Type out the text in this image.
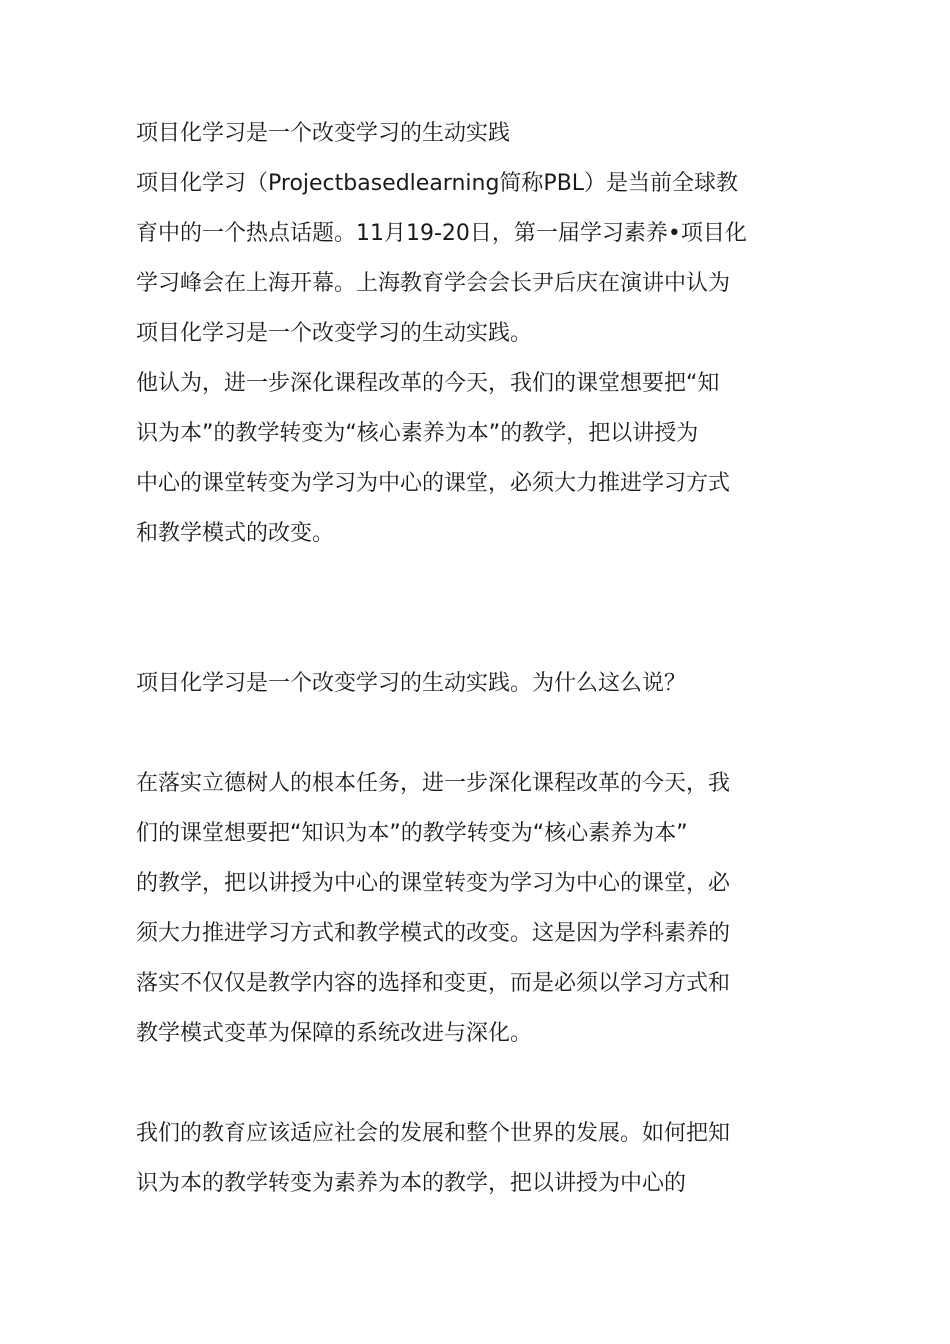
项目化学习是一个改变学习的生动实践

项目化学习（Projectbasedlearning简称PBL）是当前全球教
育中的一个热点话题。11月19-20日，第一届学习素养•项目化
学习峰会在上海开幕。上海教育学会会长尹后庆在演讲中认为
项目化学习是一个改变学习的生动实践。

他认为，进一步深化课程改革的今天，我们的课堂想要把“知
识为本”的教学转变为“核心素养为本”的教学，把以讲授为
中心的课堂转变为学习为中心的课堂，必须大力推进学习方式
和教学模式的改变。

项目化学习是一个改变学习的生动实践。为什么这么说？

在落实立德树人的根本任务，进一步深化课程改革的今天，我
们的课堂想要把“知识为本”的教学转变为“核心素养为本”
的教学，把以讲授为中心的课堂转变为学习为中心的课堂，必
须大力推进学习方式和教学模式的改变。这是因为学科素养的
落实不仅仅是教学内容的选择和变更，而是必须以学习方式和
教学模式变革为保障的系统改进与深化。

我们的教育应该适应社会的发展和整个世界的发展。如何把知
识为本的教学转变为素养为本的教学，把以讲授为中心的
